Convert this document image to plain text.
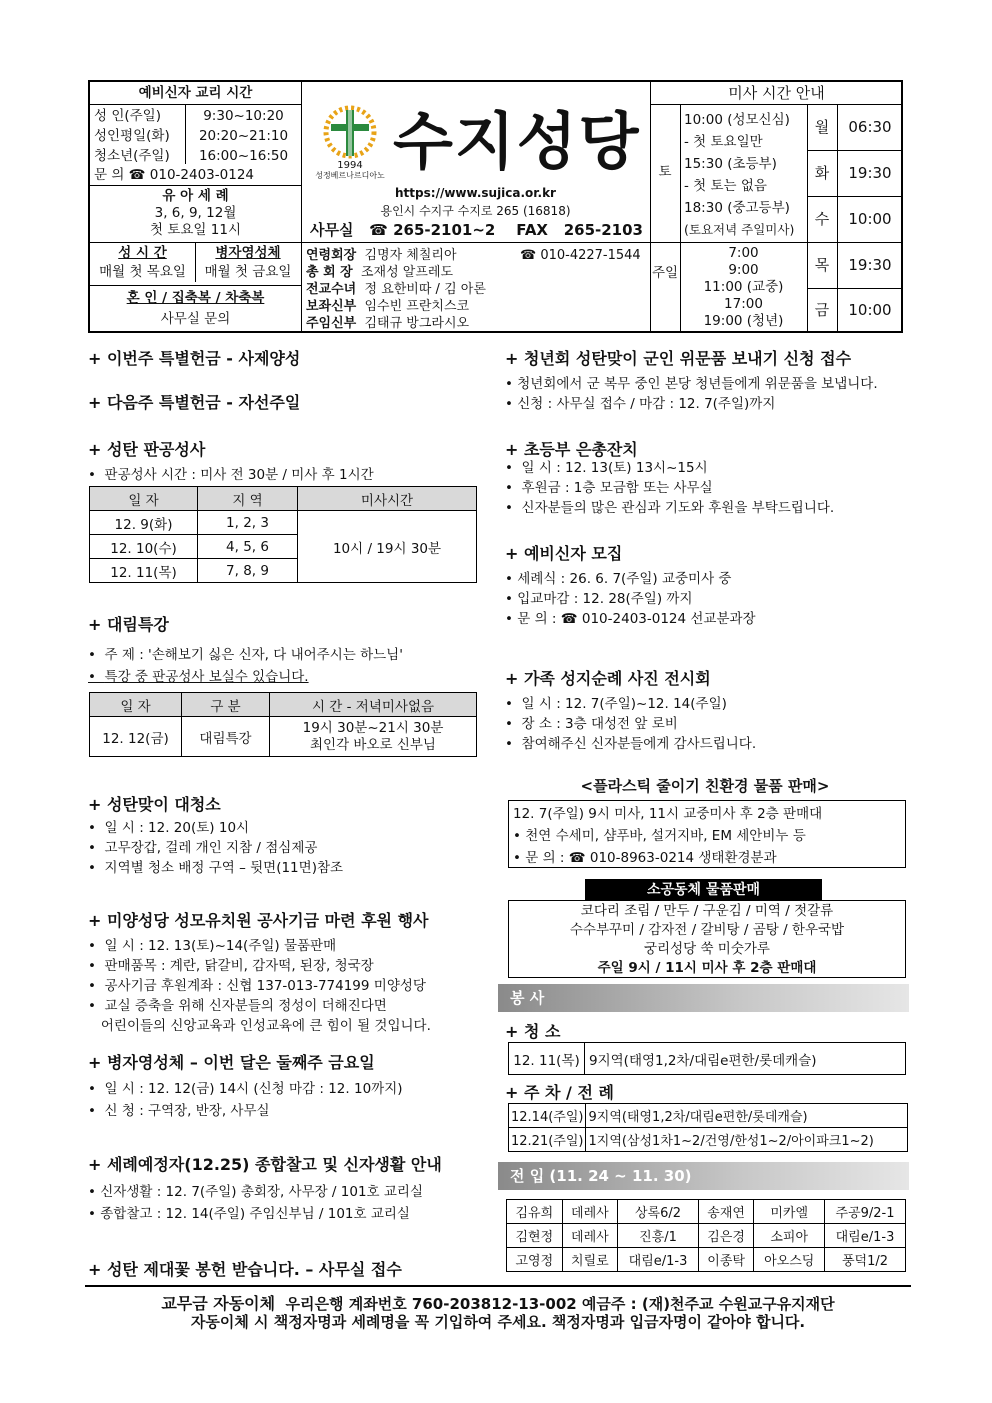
예비신자 교리 시간
성 인(주일)	9:30~10:20
성인평일(화)	20:20~21:10
청소년(주일)	16:00~16:50
문 의 ☎ 010-2403-0124
유 아 세 례
3, 6, 9, 12월
첫 토요일 11시
성 시 간
매월 첫 목요일
병자영성체
매월 첫 금요일
혼 인 / 집축복 / 차축복
사무실 문의
1994
성정베르나르디아노 수지성당
https://www.sujica.or.kr
용인시 수지구 수지로 265 (16818)
사무실   ☎ 265-2101~2 FAX 265-2103
연령회장 김명자 체칠리아
총 회 장 조재성 알프레도
전교수녀 정 요한비따 / 김 아론
보좌신부 임수빈 프란치스코
주임신부 김태규 방그라시오
☎ 010-4227-1544
미사 시간 안내
토
10:00 (성모신심)
- 첫 토요일만
15:30 (초등부)
- 첫 토는 없음
18:30 (중고등부)
(토요저녁 주일미사)
주일
7:00
9:00
11:00 (교중)
17:00
19:00 (청년)
월	06:30
화	19:30
수	10:00
목	19:30
금	10:00
+ 이번주 특별헌금 - 사제양성
+ 다음주 특별헌금 - 자선주일
+ 성탄 판공성사
•  판공성사 시간 : 미사 전 30분 / 미사 후 1시간
일 자	지 역	미사시간
12. 9(화)	1, 2, 3	10시 / 19시 30분
12. 10(수)	4, 5, 6	
12. 11(목)	7, 8, 9	
+ 대림특강
•  주 제 : '손해보기 싫은 신자, 다 내어주시는 하느님'
•  특강 중 판공성사 보실수 있습니다.
일 자	구 분	시 간 - 저녁미사없음
12. 12(금)	대림특강	19시 30분~21시 30분
최인각 바오로 신부님
+ 성탄맞이 대청소
•  일 시 : 12. 20(토) 10시
•  고무장갑, 걸레 개인 지참 / 점심제공
•  지역별 청소 배정 구역 – 뒷면(11면)참조
+ 미양성당 성모유치원 공사기금 마련 후원 행사
•  일 시 : 12. 13(토)~14(주일) 물품판매
•  판매품목 : 계란, 닭갈비, 감자떡, 된장, 청국장
•  공사기금 후원계좌 : 신협 137-013-774199 미양성당
•  교실 증축을 위해 신자분들의 정성이 더해진다면
어린이들의 신앙교육과 인성교육에 큰 힘이 될 것입니다.
+ 병자영성체 – 이번 달은 둘째주 금요일
•  일 시 : 12. 12(금) 14시 (신청 마감 : 12. 10까지)
•  신 청 : 구역장, 반장, 사무실
+ 세례예정자(12.25) 종합찰고 및 신자생활 안내
• 신자생활 : 12. 7(주일) 총회장, 사무장 / 101호 교리실
• 종합찰고 : 12. 14(주일) 주임신부님 / 101호 교리실
+ 성탄 제대꽃 봉헌 받습니다. – 사무실 접수
+ 청년회 성탄맞이 군인 위문품 보내기 신청 접수
• 청년회에서 군 복무 중인 본당 청년들에게 위문품을 보냅니다.
• 신청 : 사무실 접수 / 마감 : 12. 7(주일)까지
+ 초등부 은총잔치
•  일 시 : 12. 13(토) 13시~15시
•  후원금 : 1층 모금함 또는 사무실
•  신자분들의 많은 관심과 기도와 후원을 부탁드립니다.
+ 예비신자 모집
• 세례식 : 26. 6. 7(주일) 교중미사 중
• 입교마감 : 12. 28(주일) 까지
• 문 의 : ☎ 010-2403-0124 선교분과장
+ 가족 성지순례 사진 전시회
•  일 시 : 12. 7(주일)~12. 14(주일)
•  장 소 : 3층 대성전 앞 로비
•  참여해주신 신자분들에게 감사드립니다.
<플라스틱 줄이기 친환경 물품 판매>
12. 7(주일) 9시 미사, 11시 교중미사 후 2층 판매대
• 천연 수세미, 샴푸바, 설거지바, EM 세안비누 등
• 문 의 : ☎ 010-8963-0214 생태환경분과
소공동체 물품판매
코다리 조림 / 만두 / 구운김 / 미역 / 젓갈류
수수부꾸미 / 감자전 / 갈비탕 / 곰탕 / 한우국밥
궁리성당 쑥 미숫가루
주일 9시 / 11시 미사 후 2층 판매대
봉 사
+ 청 소
12. 11(목)	9지역(태영1,2차/대림e편한/롯데캐슬)
+ 주 차 / 전 례
12.14(주일)	9지역(태영1,2차/대림e편한/롯데캐슬)
12.21(주일)	1지역(삼성1차1~2/건영/한성1~2/아이파크1~2)
전 입 (11. 24 ~ 11. 30)
김유희	데레사	상록6/2	송재연	미카엘	주공9/2-1
김현정	데레사	진흥/1	김은경	소피아	대림e/1-3
고영정	치릴로	대림e/1-3	이종탁	아오스딩	풍덕1/2
교무금 자동이체 우리은행 계좌번호 760-203812-13-002 예금주 : (재)천주교 수원교구유지재단
자동이체 시 책정자명과 세례명을 꼭 기입하여 주세요. 책정자명과 입금자명이 같아야 합니다.
